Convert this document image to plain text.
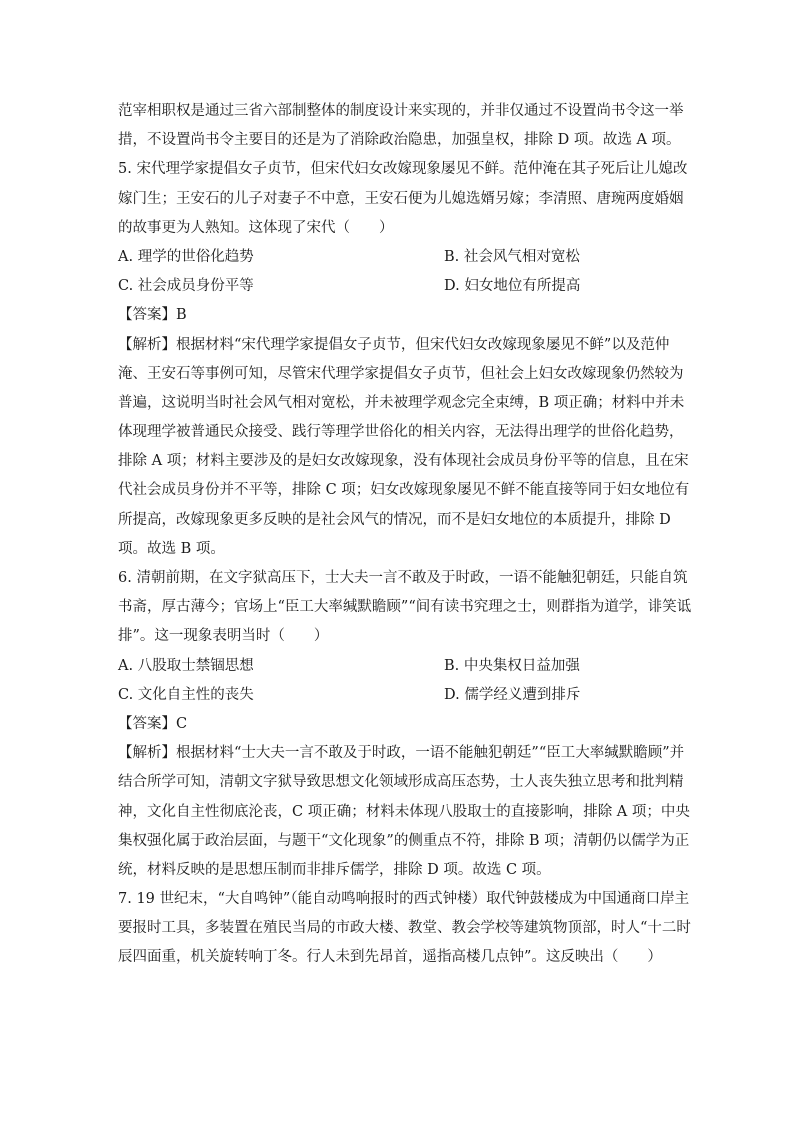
范宰相职权是通过三省六部制整体的制度设计来实现的，并非仅通过不设置尚书令这一举
措，不设置尚书令主要目的还是为了消除政治隐患，加强皇权，排除 D 项。故选 A 项。
5. 宋代理学家提倡女子贞节，但宋代妇女改嫁现象屡见不鲜。范仲淹在其子死后让儿媳改
嫁门生；王安石的儿子对妻子不中意，王安石便为儿媳选婿另嫁；李清照、唐琬两度婚姻
的故事更为人熟知。这体现了宋代（　　）
A. 理学的世俗化趋势	B. 社会风气相对宽松
C. 社会成员身份平等	D. 妇女地位有所提高
【答案】B
【解析】根据材料“宋代理学家提倡女子贞节，但宋代妇女改嫁现象屡见不鲜”以及范仲
淹、王安石等事例可知，尽管宋代理学家提倡女子贞节，但社会上妇女改嫁现象仍然较为
普遍，这说明当时社会风气相对宽松，并未被理学观念完全束缚，B 项正确；材料中并未
体现理学被普通民众接受、践行等理学世俗化的相关内容，无法得出理学的世俗化趋势，
排除 A 项；材料主要涉及的是妇女改嫁现象，没有体现社会成员身份平等的信息，且在宋
代社会成员身份并不平等，排除 C 项；妇女改嫁现象屡见不鲜不能直接等同于妇女地位有
所提高，改嫁现象更多反映的是社会风气的情况，而不是妇女地位的本质提升，排除 D
项。故选 B 项。
6. 清朝前期，在文字狱高压下，士大夫一言不敢及于时政，一语不能触犯朝廷，只能自筑
书斋，厚古薄今；官场上“臣工大率缄默瞻顾”“间有读书究理之士，则群指为道学，诽笑诋
排”。这一现象表明当时（　　）
A. 八股取士禁锢思想	B. 中央集权日益加强
C. 文化自主性的丧失	D. 儒学经义遭到排斥
【答案】C
【解析】根据材料“士大夫一言不敢及于时政，一语不能触犯朝廷”“臣工大率缄默瞻顾”并
结合所学可知，清朝文字狱导致思想文化领域形成高压态势，士人丧失独立思考和批判精
神，文化自主性彻底沦丧，C 项正确；材料未体现八股取士的直接影响，排除 A 项；中央
集权强化属于政治层面，与题干“文化现象”的侧重点不符，排除 B 项；清朝仍以儒学为正
统，材料反映的是思想压制而非排斥儒学，排除 D 项。故选 C 项。
7. 19 世纪末，“大自鸣钟”（能自动鸣响报时的西式钟楼）取代钟鼓楼成为中国通商口岸主
要报时工具，多装置在殖民当局的市政大楼、教堂、教会学校等建筑物顶部，时人“十二时
辰四面重，机关旋转响丁冬。行人未到先昂首，遥指高楼几点钟”。这反映出（　　）
